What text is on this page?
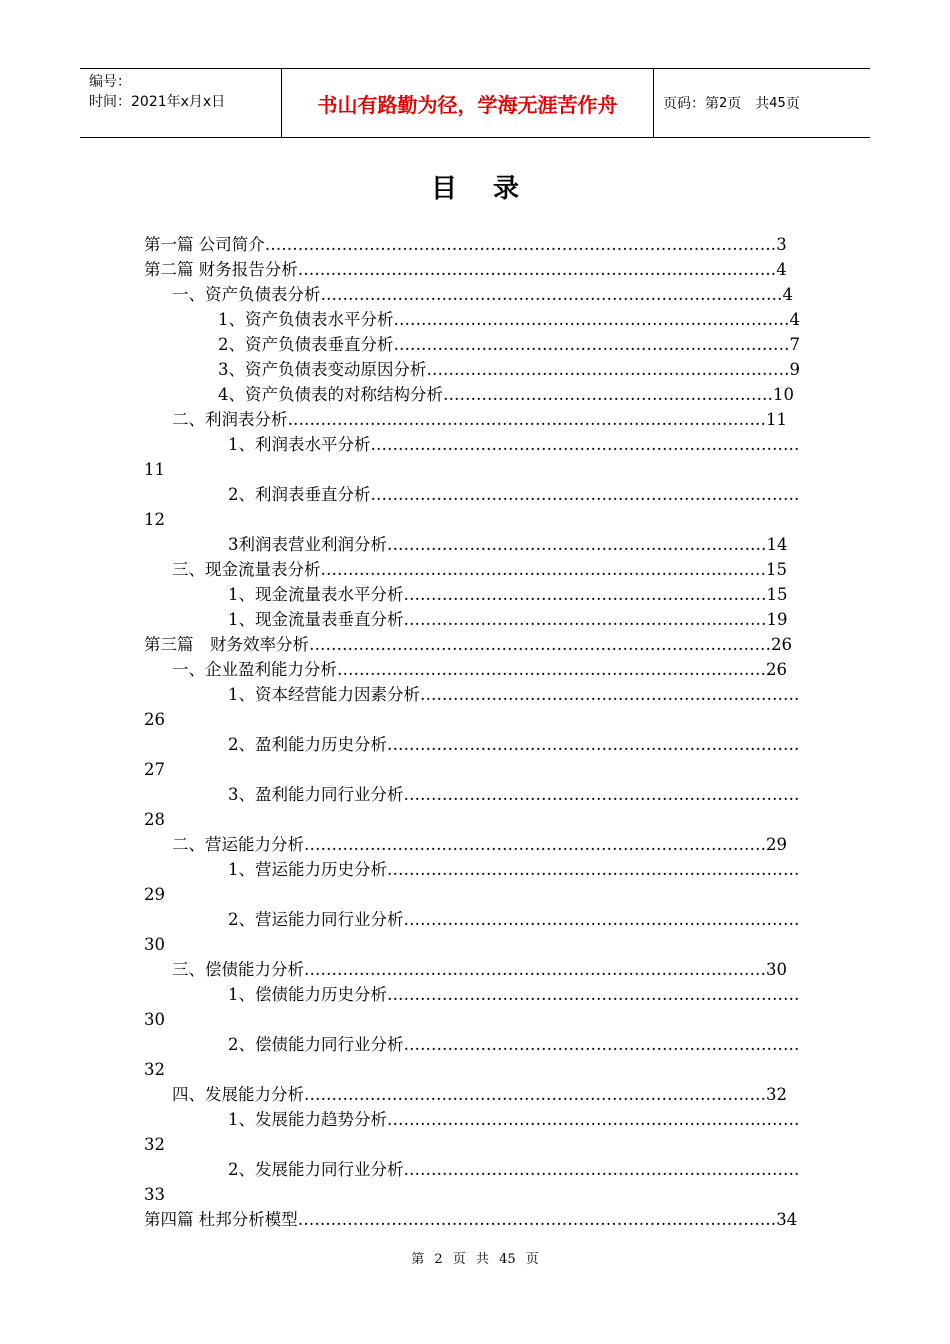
编号：
时间：2021年x月x日	书山有路勤为径，学海无涯苦作舟	页码：第 2 页　共 45 页
目录
第一篇 公司简介…………………………………………………………………………………3
第二篇 财务报告分析……………………………………………………………………………4
一、资产负债表分析…………………………………………………………………………4
1、资产负债表水平分析………………………………………………………………4
2、资产负债表垂直分析………………………………………………………………7
3、资产负债表变动原因分析…………………………………………………………9
4、资产负债表的对称结构分析……………………………………………………10
二、利润表分析……………………………………………………………………………11
1、利润表水平分析……………………………………………………………………
11
2、利润表垂直分析……………………………………………………………………
12
3利润表营业利润分析……………………………………………………………14
三、现金流量表分析………………………………………………………………………15
1、现金流量表水平分析…………………………………………………………15
1、现金流量表垂直分析…………………………………………………………19
第三篇　财务效率分析…………………………………………………………………………26
一、企业盈利能力分析……………………………………………………………………26
1、资本经营能力因素分析……………………………………………………………
26
2、盈利能力历史分析…………………………………………………………………
27
3、盈利能力同行业分析………………………………………………………………
28
二、营运能力分析…………………………………………………………………………29
1、营运能力历史分析…………………………………………………………………
29
2、营运能力同行业分析………………………………………………………………
30
三、偿债能力分析…………………………………………………………………………30
1、偿债能力历史分析…………………………………………………………………
30
2、偿债能力同行业分析………………………………………………………………
32
四、发展能力分析…………………………………………………………………………32
1、发展能力趋势分析…………………………………………………………………
32
2、发展能力同行业分析………………………………………………………………
33
第四篇 杜邦分析模型……………………………………………………………………………34
第 2 页 共 45 页
